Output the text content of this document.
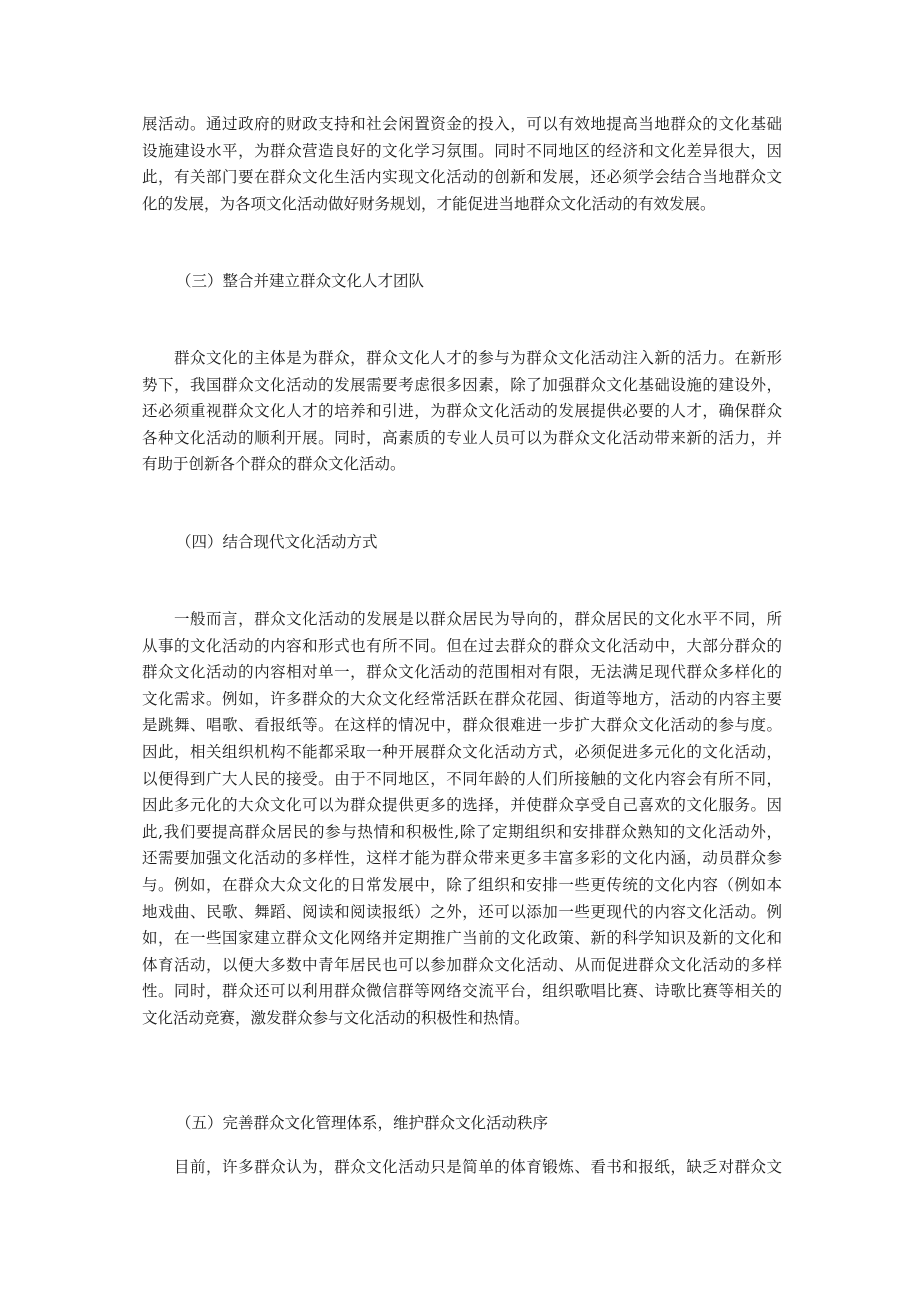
展活动。通过政府的财政支持和社会闲置资金的投入，可以有效地提高当地群众的文化基础

设施建设水平，为群众营造良好的文化学习氛围。同时不同地区的经济和文化差异很大，因

此，有关部门要在群众文化生活内实现文化活动的创新和发展，还必须学会结合当地群众文

化的发展，为各项文化活动做好财务规划，才能促进当地群众文化活动的有效发展。

（三）整合并建立群众文化人才团队

　　群众文化的主体是为群众，群众文化人才的参与为群众文化活动注入新的活力。在新形

势下，我国群众文化活动的发展需要考虑很多因素，除了加强群众文化基础设施的建设外，

还必须重视群众文化人才的培养和引进，为群众文化活动的发展提供必要的人才，确保群众

各种文化活动的顺利开展。同时，高素质的专业人员可以为群众文化活动带来新的活力，并

有助于创新各个群众的群众文化活动。

（四）结合现代文化活动方式

　　一般而言，群众文化活动的发展是以群众居民为导向的，群众居民的文化水平不同，所

从事的文化活动的内容和形式也有所不同。但在过去群众的群众文化活动中，大部分群众的

群众文化活动的内容相对单一，群众文化活动的范围相对有限，无法满足现代群众多样化的

文化需求。例如，许多群众的大众文化经常活跃在群众花园、街道等地方，活动的内容主要

是跳舞、唱歌、看报纸等。在这样的情况中，群众很难进一步扩大群众文化活动的参与度。

因此，相关组织机构不能都采取一种开展群众文化活动方式，必须促进多元化的文化活动，

以便得到广大人民的接受。由于不同地区，不同年龄的人们所接触的文化内容会有所不同，

因此多元化的大众文化可以为群众提供更多的选择，并使群众享受自己喜欢的文化服务。因

此,我们要提高群众居民的参与热情和积极性,除了定期组织和安排群众熟知的文化活动外，

还需要加强文化活动的多样性，这样才能为群众带来更多丰富多彩的文化内涵，动员群众参

与。例如，在群众大众文化的日常发展中，除了组织和安排一些更传统的文化内容（例如本

地戏曲、民歌、舞蹈、阅读和阅读报纸）之外，还可以添加一些更现代的内容文化活动。例

如，在一些国家建立群众文化网络并定期推广当前的文化政策、新的科学知识及新的文化和

体育活动，以便大多数中青年居民也可以参加群众文化活动、从而促进群众文化活动的多样

性。同时，群众还可以利用群众微信群等网络交流平台，组织歌唱比赛、诗歌比赛等相关的

文化活动竞赛，激发群众参与文化活动的积极性和热情。

（五）完善群众文化管理体系，维护群众文化活动秩序

　　目前，许多群众认为，群众文化活动只是简单的体育锻炼、看书和报纸，缺乏对群众文
